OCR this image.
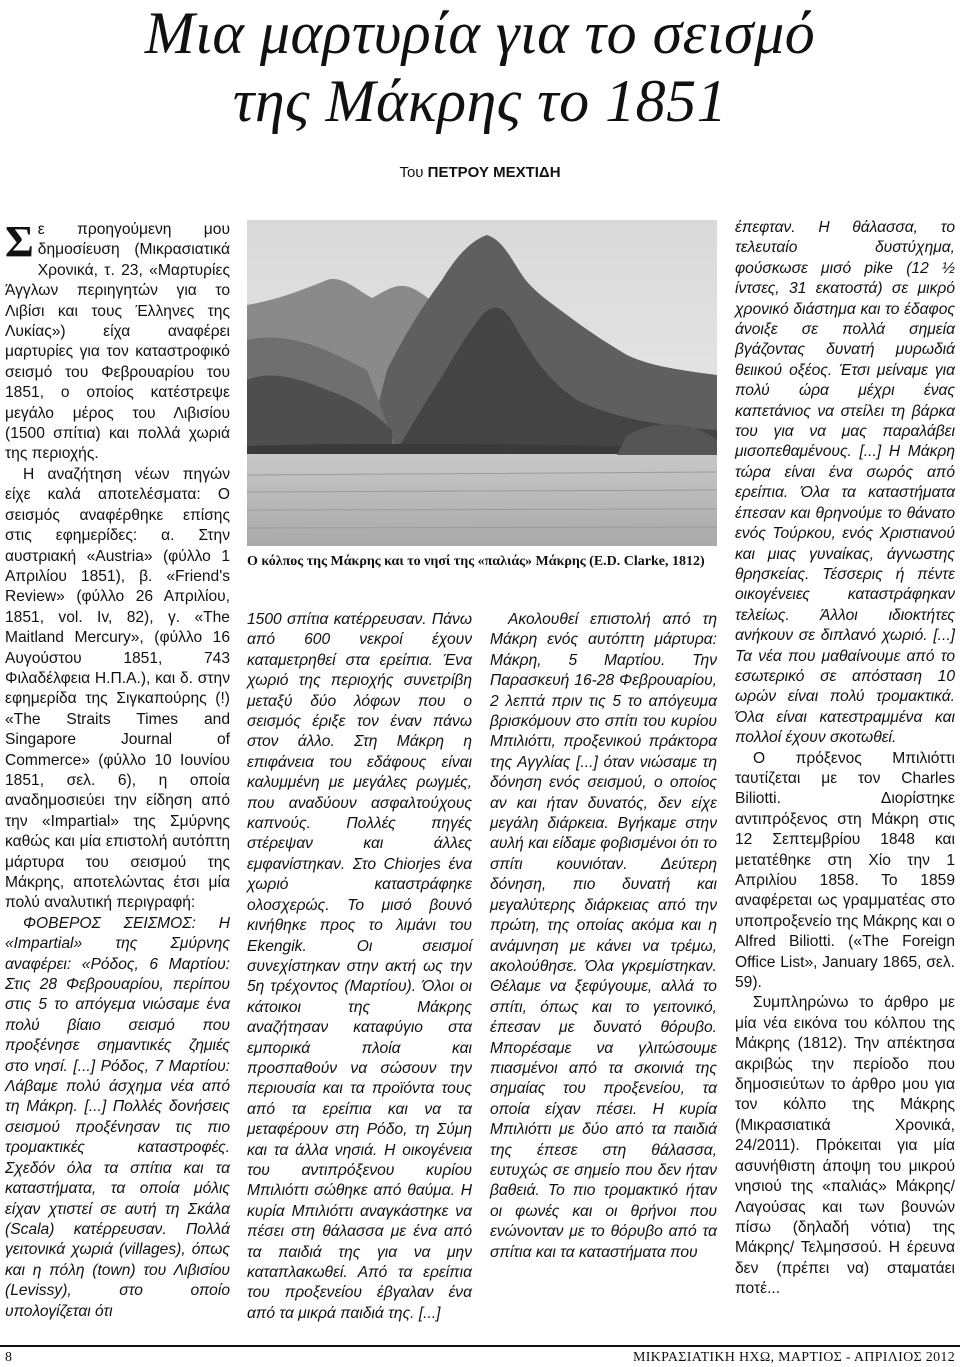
Μια μαρτυρία για το σεισμό
της Μάκρης το 1851
Του ΠΕΤΡΟΥ ΜΕΧΤΙΔΗ

Σε προηγούμενη μου δημοσίευση (Μικρασιατικά Χρονικά, τ. 23, «Μαρτυρίες Άγγλων περιηγητών για το Λιβίσι και τους Έλληνες της Λυκίας») είχα αναφέρει μαρτυρίες για τον καταστροφικό σεισμό του Φεβρουαρίου του 1851, ο οποίος κατέστρεψε μεγάλο μέρος του Λιβισίου (1500 σπίτια) και πολλά χωριά της περιοχής.

Η αναζήτηση νέων πηγών είχε καλά αποτελέσματα: Ο σεισμός αναφέρθηκε επίσης στις εφημερίδες: α. Στην αυστριακή «Austria» (φύλλο 1 Απριλίου 1851), β. «Friend's Review» (φύλλο 26 Απριλίου, 1851, vol. Iv, 82), γ. «The Maitland Mercury», (φύλλο 16 Αυγούστου 1851, 743 Φιλαδέλφεια Η.Π.Α.), και δ. στην εφημερίδα της Σιγκαπούρης (!) «The Straits Times and Singapore Journal of Commerce» (φύλλο 10 Ιουνίου 1851, σελ. 6), η οποία αναδημοσιεύει την είδηση από την «Impartial» της Σμύρνης καθώς και μία επιστολή αυτόπτη μάρτυρα του σεισμού της Μάκρης, αποτελώντας έτσι μία πολύ αναλυτική περιγραφή:

ΦΟΒΕΡΟΣ ΣΕΙΣΜΟΣ: Η «Impartial» της Σμύρνης αναφέρει: «Ρόδος, 6 Μαρτίου: Στις 28 Φεβρουαρίου, περίπου στις 5 το απόγεμα νιώσαμε ένα πολύ βίαιο σεισμό που προξένησε σημαντικές ζημιές στο νησί. [...] Ρόδος, 7 Μαρτίου: Λάβαμε πολύ άσχημα νέα από τη Μάκρη. [...] Πολλές δονήσεις σεισμού προξένησαν τις πιο τρομακτικές καταστροφές. Σχεδόν όλα τα σπίτια και τα καταστήματα, τα οποία μόλις είχαν χτιστεί σε αυτή τη Σκάλα (Scala) κατέρρευσαν. Πολλά γειτονικά χωριά (villages), όπως και η πόλη (town) του Λιβισίου (Levissy), στο οποίο υπολογίζεται ότι

Ο κόλπος της Μάκρης και το νησί της «παλιάς» Μάκρης (E.D. Clarke, 1812)

1500 σπίτια κατέρρευσαν. Πάνω από 600 νεκροί έχουν καταμετρηθεί στα ερείπια. Ένα χωριό της περιοχής συνετρίβη μεταξύ δύο λόφων που ο σεισμός έριξε τον έναν πάνω στον άλλο. Στη Μάκρη η επιφάνεια του εδάφους είναι καλυμμένη με μεγάλες ρωγμές, που αναδύουν ασφαλτούχους καπνούς. Πολλές πηγές στέρεψαν και άλλες εμφανίστηκαν. Στο Chiorjes ένα χωριό καταστράφηκε ολοσχερώς. Το μισό βουνό κινήθηκε προς το λιμάνι του Ekengik. Οι σεισμοί συνεχίστηκαν στην ακτή ως την 5η τρέχοντος (Μαρτίου). Όλοι οι κάτοικοι της Μάκρης αναζήτησαν καταφύγιο στα εμπορικά πλοία και προσπαθούν να σώσουν την περιουσία και τα προϊόντα τους από τα ερείπια και να τα μεταφέρουν στη Ρόδο, τη Σύμη και τα άλλα νησιά. Η οικογένεια του αντιπρόξενου κυρίου Μπιλιόττι σώθηκε από θαύμα. Η κυρία Μπιλιόττι αναγκάστηκε να πέσει στη θάλασσα με ένα από τα παιδιά της για να μην καταπλακωθεί. Από τα ερείπια του προξενείου έβγαλαν ένα από τα μικρά παιδιά της. [...]

Ακολουθεί επιστολή από τη Μάκρη ενός αυτόπτη μάρτυρα: Μάκρη, 5 Μαρτίου. Την Παρασκευή 16-28 Φεβρουαρίου, 2 λεπτά πριν τις 5 το απόγευμα βρισκόμουν στο σπίτι του κυρίου Μπιλιόττι, προξενικού πράκτορα της Αγγλίας [...] όταν νιώσαμε τη δόνηση ενός σεισμού, ο οποίος αν και ήταν δυνατός, δεν είχε μεγάλη διάρκεια. Βγήκαμε στην αυλή και είδαμε φοβισμένοι ότι το σπίτι κουνιόταν. Δεύτερη δόνηση, πιο δυνατή και μεγαλύτερης διάρκειας από την πρώτη, της οποίας ακόμα και η ανάμνηση με κάνει να τρέμω, ακολούθησε. Όλα γκρεμίστηκαν. Θέλαμε να ξεφύγουμε, αλλά το σπίτι, όπως και το γειτονικό, έπεσαν με δυνατό θόρυβο. Μπορέσαμε να γλιτώσουμε πιασμένοι από τα σκοινιά της σημαίας του προξενείου, τα οποία είχαν πέσει. Η κυρία Μπιλιόττι με δύο από τα παιδιά της έπεσε στη θάλασσα, ευτυχώς σε σημείο που δεν ήταν βαθειά. Το πιο τρομακτικό ήταν οι φωνές και οι θρήνοι που ενώνονταν με το θόρυβο από τα σπίτια και τα καταστήματα που

έπεφταν. Η θάλασσα, το τελευταίο δυστύχημα, φούσκωσε μισό pike (12 ½ ίντσες, 31 εκατοστά) σε μικρό χρονικό διάστημα και το έδαφος άνοιξε σε πολλά σημεία βγάζοντας δυνατή μυρωδιά θειικού οξέος. Έτσι μείναμε για πολύ ώρα μέχρι ένας καπετάνιος να στείλει τη βάρκα του για να μας παραλάβει μισοπεθαμένους. [...] Η Μάκρη τώρα είναι ένα σωρός από ερείπια. Όλα τα καταστήματα έπεσαν και θρηνούμε το θάνατο ενός Τούρκου, ενός Χριστιανού και μιας γυναίκας, άγνωστης θρησκείας. Τέσσερις ή πέντε οικογένειες καταστράφηκαν τελείως. Άλλοι ιδιοκτήτες ανήκουν σε διπλανό χωριό. [...] Τα νέα που μαθαίνουμε από το εσωτερικό σε απόσταση 10 ωρών είναι πολύ τρομακτικά. Όλα είναι κατεστραμμένα και πολλοί έχουν σκοτωθεί.

Ο πρόξενος Μπιλιόττι ταυτίζεται με τον Charles Biliotti. Διορίστηκε αντιπρόξενος στη Μάκρη στις 12 Σεπτεμβρίου 1848 και μετατέθηκε στη Χίο την 1 Απριλίου 1858. Το 1859 αναφέρεται ως γραμματέας στο υποπροξενείο της Μάκρης και ο Alfred Biliotti. («The Foreign Office List», January 1865, σελ. 59).

Συμπληρώνω το άρθρο με μία νέα εικόνα του κόλπου της Μάκρης (1812). Την απέκτησα ακριβώς την περίοδο που δημοσιεύτων το άρθρο μου για τον κόλπο της Μάκρης (Μικρασιατικά Χρονικά, 24/2011). Πρόκειται για μία ασυνήθιστη άποψη του μικρού νησιού της «παλιάς» Μάκρης/ Λαγούσας και των βουνών πίσω (δηλαδή νότια) της Μάκρης/ Τελμησσού. Η έρευνα δεν (πρέπει να) σταματάει ποτέ...

8	ΜΙΚΡΑΣΙΑΤΙΚΗ ΗΧΩ, ΜΑΡΤΙΟΣ - ΑΠΡΙΛΙΟΣ 2012
